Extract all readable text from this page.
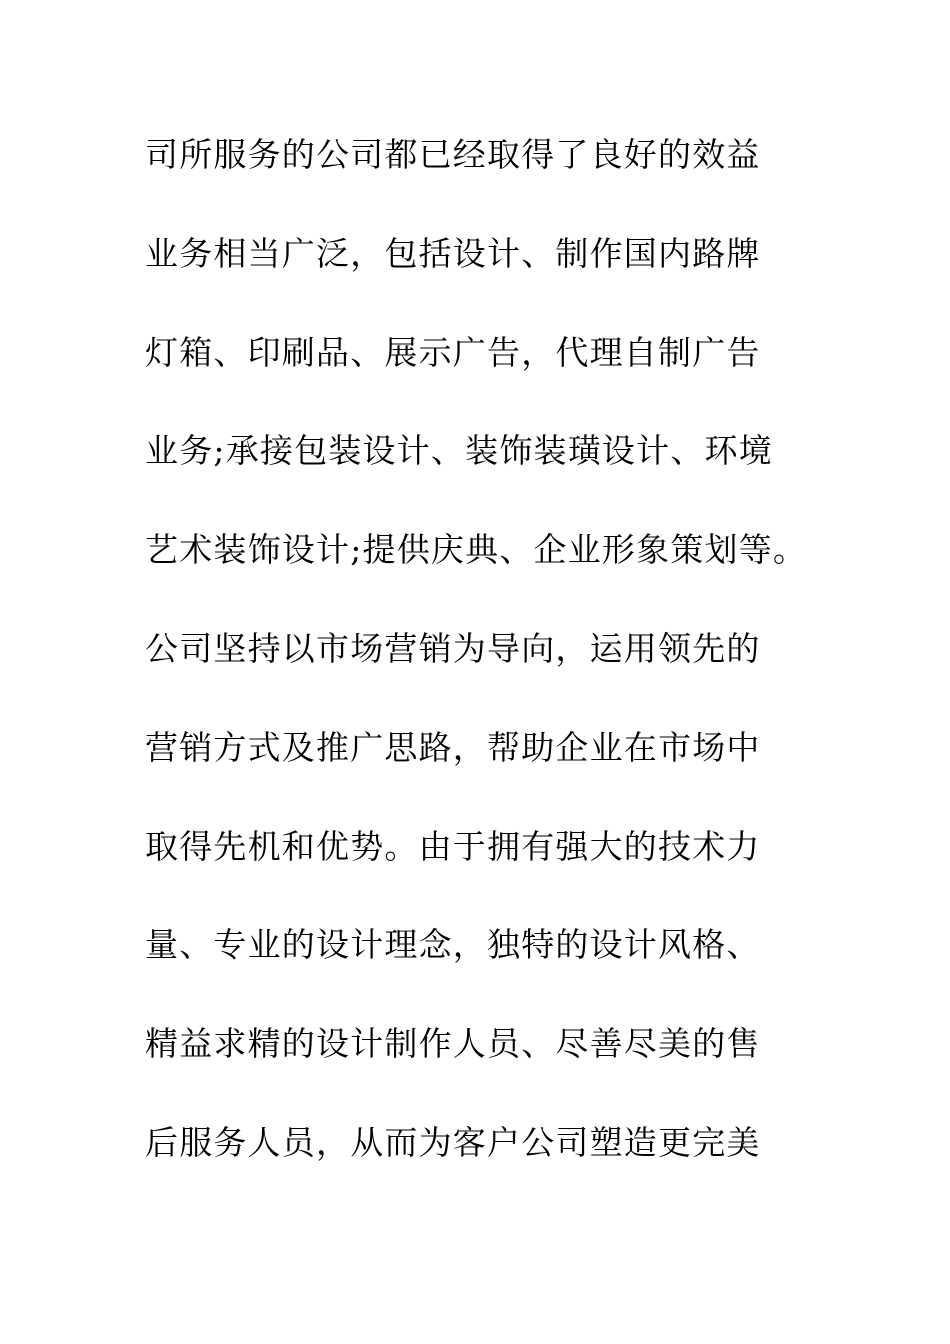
司所服务的公司都已经取得了良好的效益
业务相当广泛，包括设计、制作国内路牌
灯箱、印刷品、展示广告，代理自制广告
业务;承接包装设计、装饰装璜设计、环境
艺术装饰设计;提供庆典、企业形象策划等。
公司坚持以市场营销为导向，运用领先的
营销方式及推广思路，帮助企业在市场中
取得先机和优势。由于拥有强大的技术力
量、专业的设计理念，独特的设计风格、
精益求精的设计制作人员、尽善尽美的售
后服务人员，从而为客户公司塑造更完美
